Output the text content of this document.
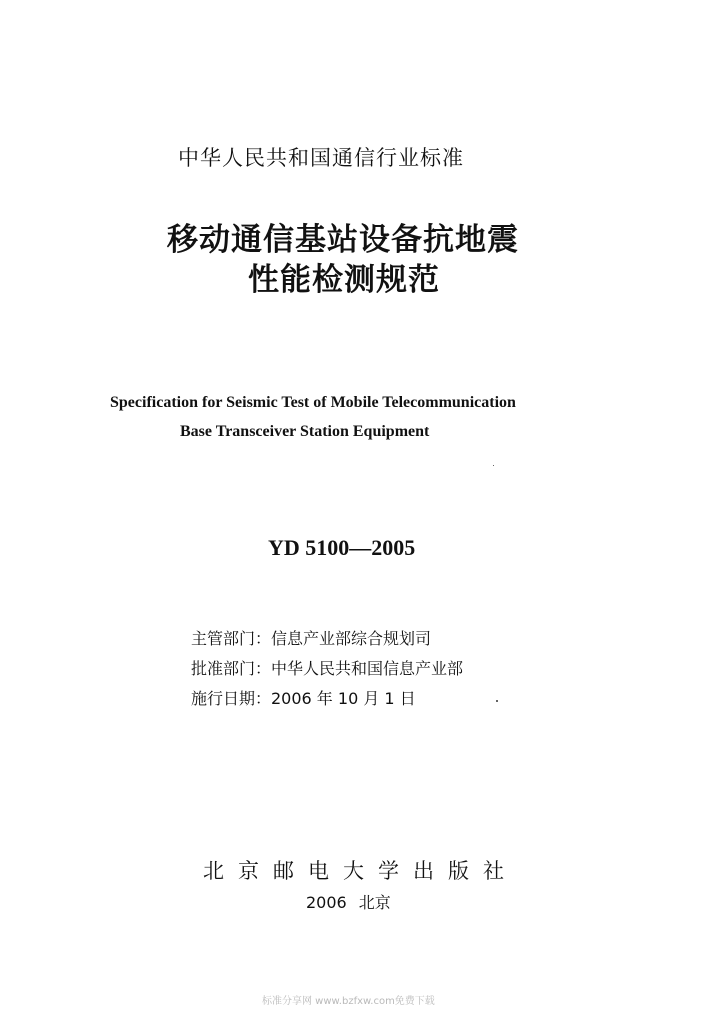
中华人民共和国通信行业标准
移动通信基站设备抗地震
性能检测规范
Specification for Seismic Test of Mobile Telecommunication
Base Transceiver Station Equipment
YD 5100—2005
主管部门：信息产业部综合规划司
批准部门：中华人民共和国信息产业部
施行日期：2006 年 10 月 1 日
北京邮电大学出版社
2006 北京
标准分享网 www.bzfxw.com免费下载
